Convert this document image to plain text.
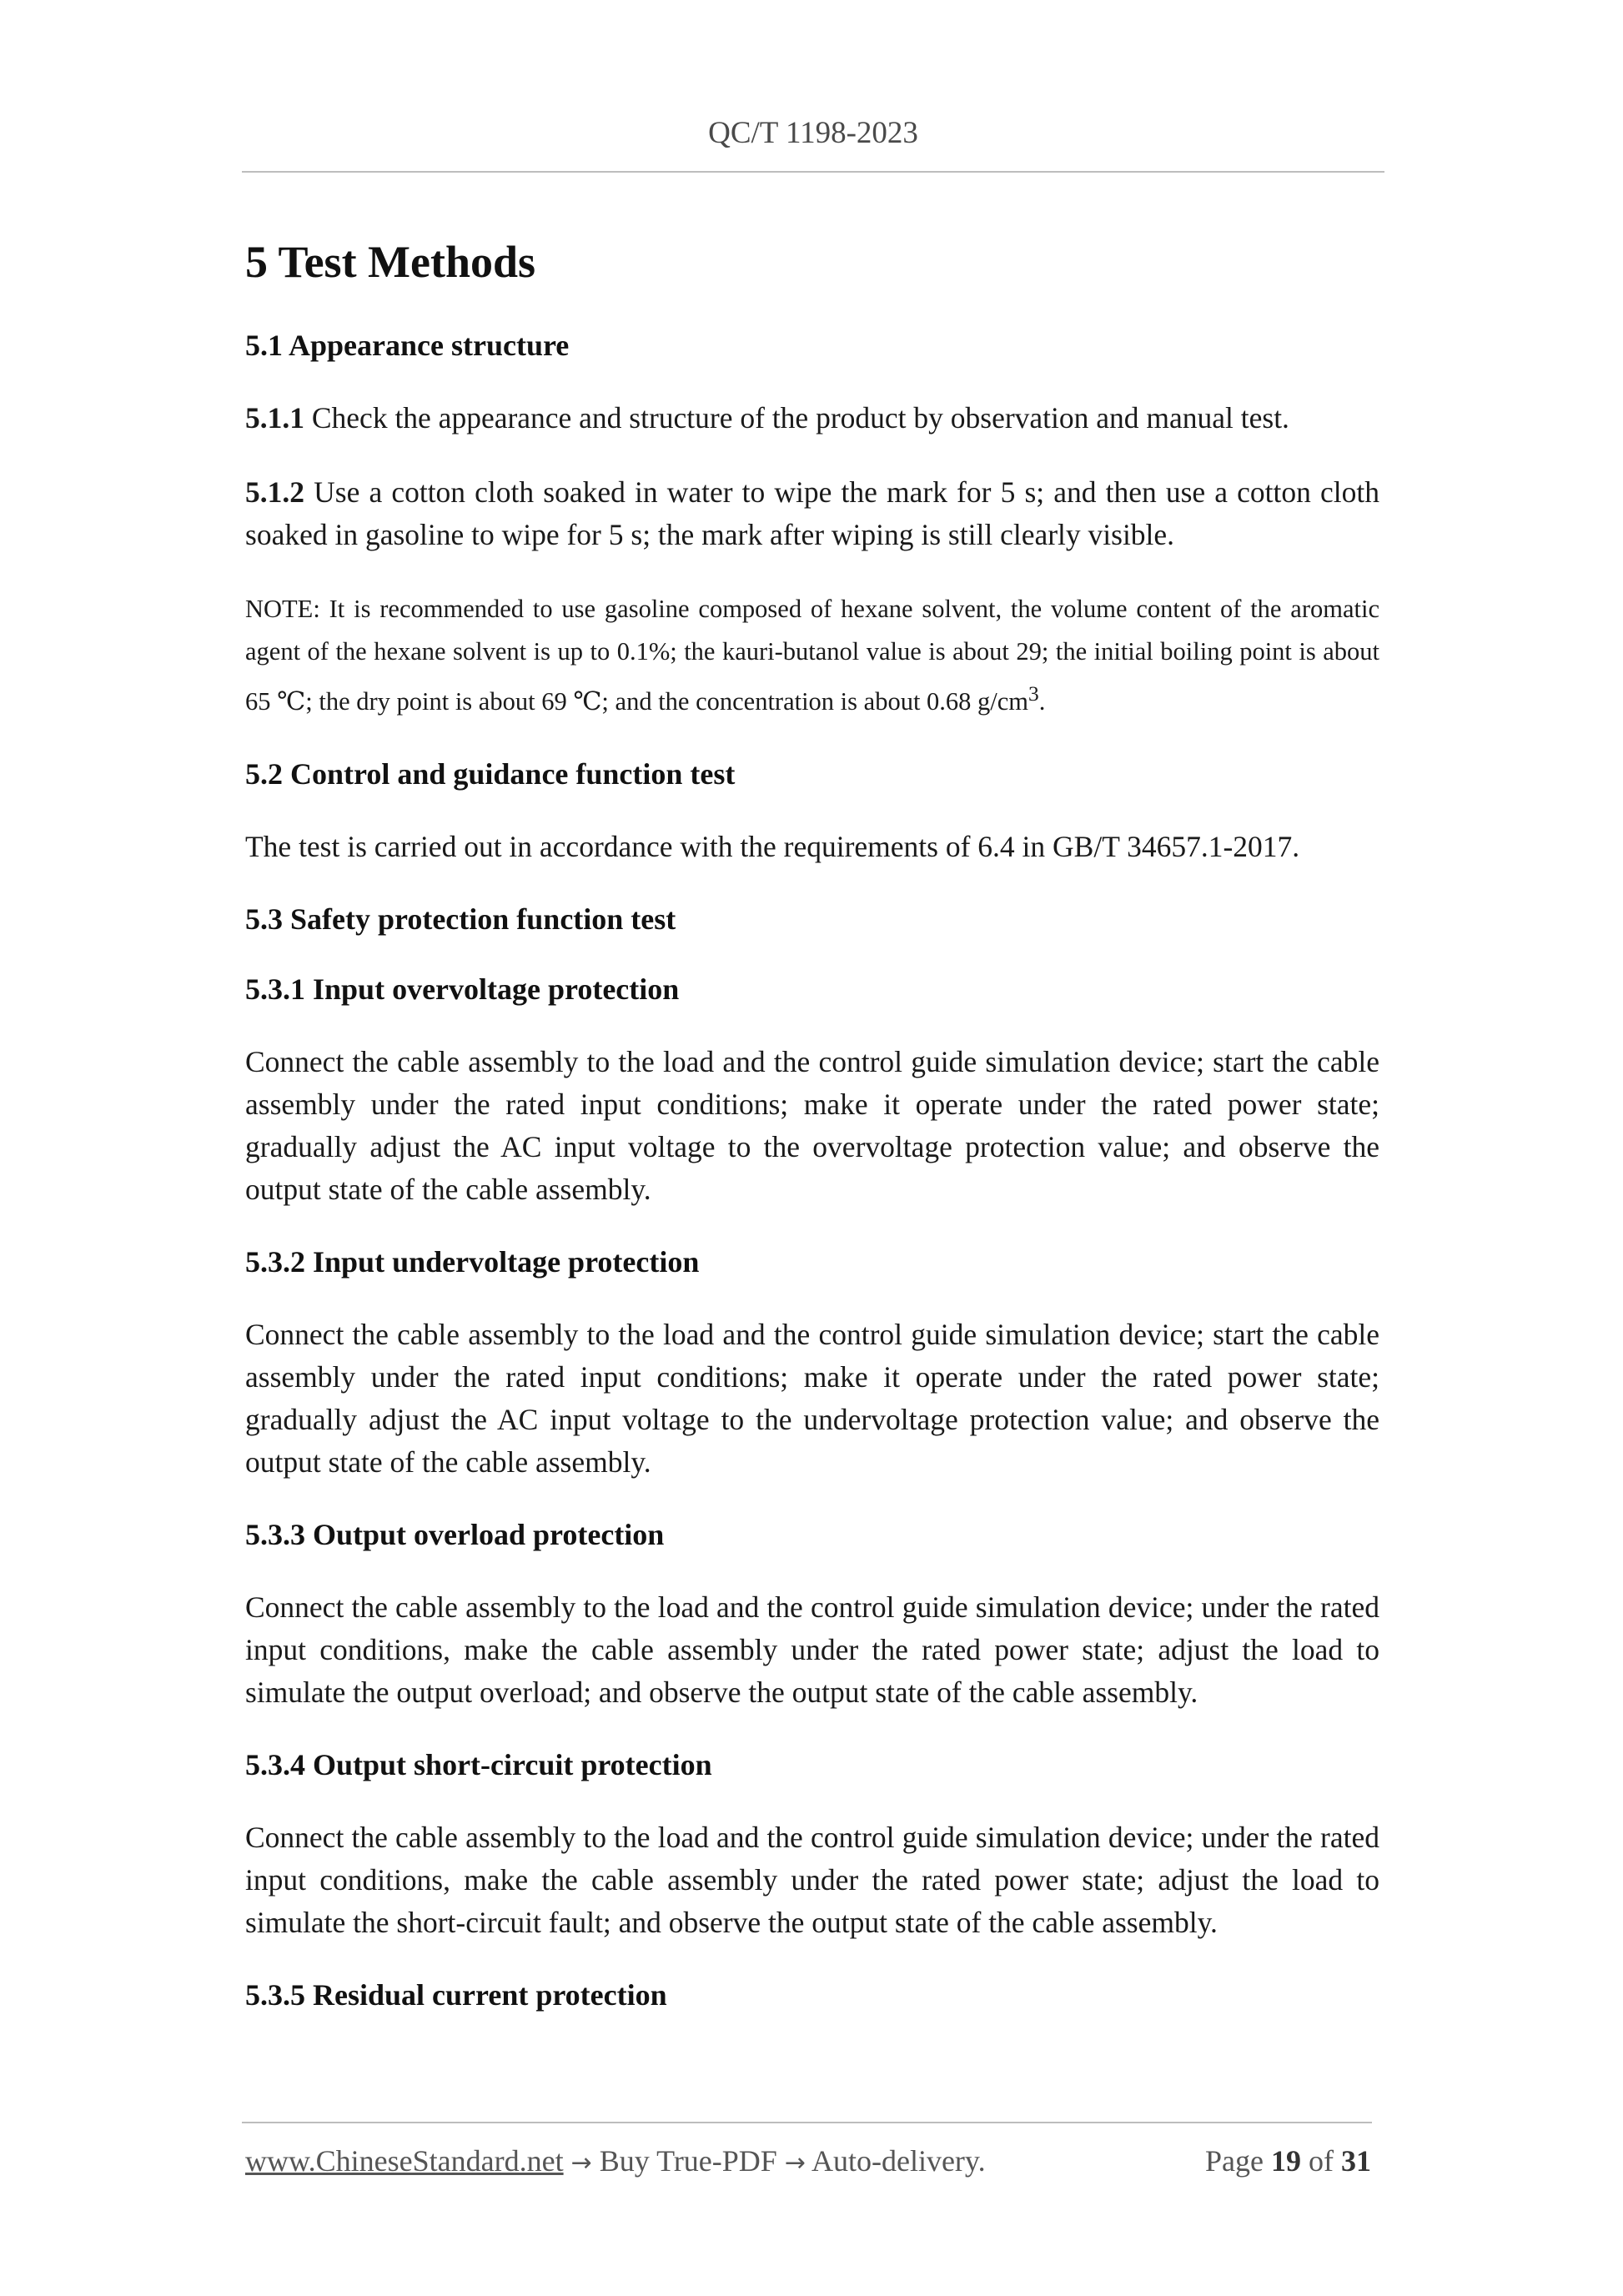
QC/T 1198-2023
5 Test Methods
5.1 Appearance structure

5.1.1 Check the appearance and structure of the product by observation and manual test.

5.1.2 Use a cotton cloth soaked in water to wipe the mark for 5 s; and then use a cotton cloth soaked in gasoline to wipe for 5 s; the mark after wiping is still clearly visible.

NOTE: It is recommended to use gasoline composed of hexane solvent, the volume content of the aromatic agent of the hexane solvent is up to 0.1%; the kauri-butanol value is about 29; the initial boiling point is about 65 ℃; the dry point is about 69 ℃; and the concentration is about 0.68 $g/cm^3$.

5.2 Control and guidance function test

The test is carried out in accordance with the requirements of 6.4 in GB/T 34657.1-2017.

5.3 Safety protection function test
5.3.1 Input overvoltage protection

Connect the cable assembly to the load and the control guide simulation device; start the cable assembly under the rated input conditions; make it operate under the rated power state; gradually adjust the AC input voltage to the overvoltage protection value; and observe the output state of the cable assembly.

5.3.2 Input undervoltage protection

Connect the cable assembly to the load and the control guide simulation device; start the cable assembly under the rated input conditions; make it operate under the rated power state; gradually adjust the AC input voltage to the undervoltage protection value; and observe the output state of the cable assembly.

5.3.3 Output overload protection

Connect the cable assembly to the load and the control guide simulation device; under the rated input conditions, make the cable assembly under the rated power state; adjust the load to simulate the output overload; and observe the output state of the cable assembly.

5.3.4 Output short-circuit protection

Connect the cable assembly to the load and the control guide simulation device; under the rated input conditions, make the cable assembly under the rated power state; adjust the load to simulate the short-circuit fault; and observe the output state of the cable assembly.

5.3.5 Residual current protection
www.ChineseStandard.net → Buy True-PDF → Auto-delivery.	Page 19 of 31
